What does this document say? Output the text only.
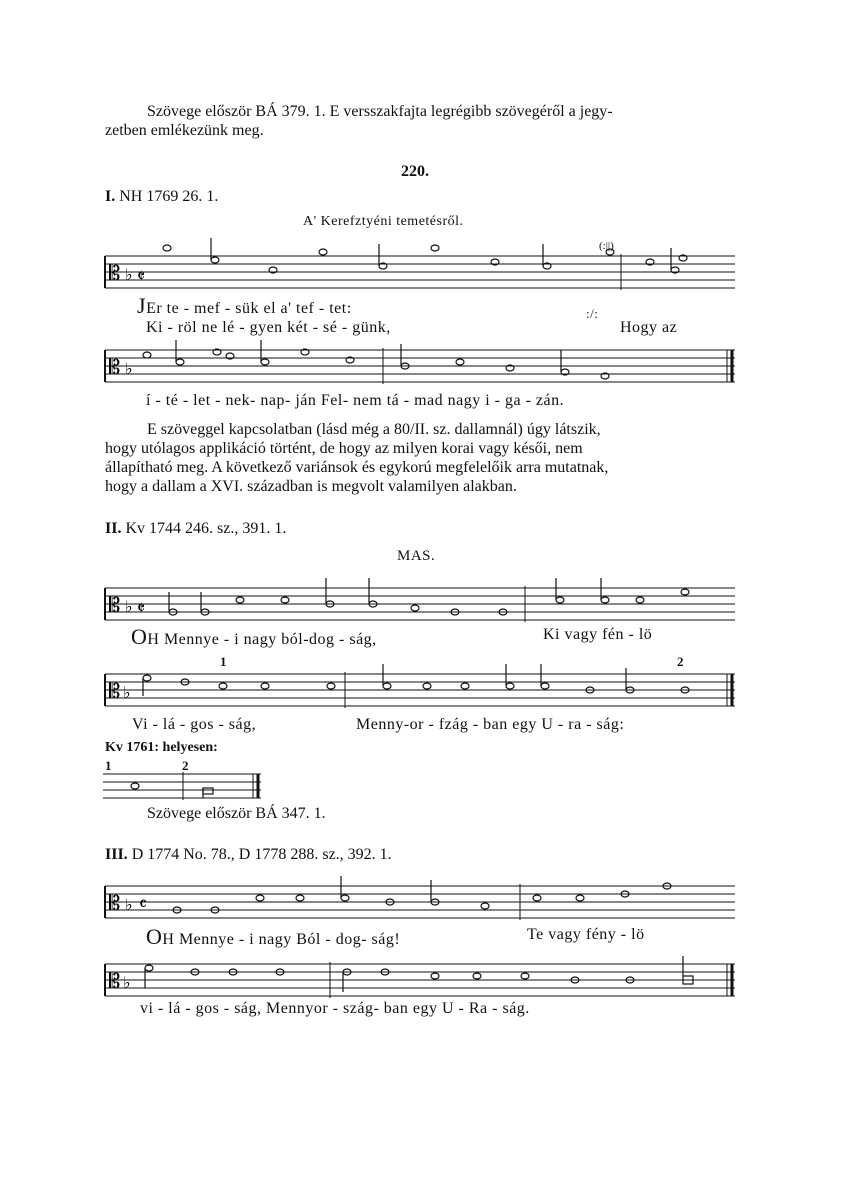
Szövege először BÁ 379. 1. E versszakfajta legrégibb szövegéről a jegy-
zetben emlékezünk meg.
220.
I. NH 1769 26. 1.
A' Kerefztyéni temetésről.
(:||)
𝄡 ♭ 𝄵
JEr te - mef - sük el a' tef - tet:	:/:
Ki - röl ne lé - gyen két - sé - günk,	Hogy az
𝄡 ♭
í - té - let - nek- nap- ján Fel- nem tá - mad nagy i - ga - zán.
E szöveggel kapcsolatban (lásd még a 80/II. sz. dallamnál) úgy látszik,
hogy utólagos applikáció történt, de hogy az milyen korai vagy késői, nem
állapítható meg. A következő variánsok és egykorú megfelelőik arra mutatnak,
hogy a dallam a XVI. században is megvolt valamilyen alakban.
II. Kv 1744 246. sz., 391. 1.
MAS.
𝄡 ♭ 𝄵
OH Mennye - i nagy ból-dog - ság,	Ki vagy fén - lö
1	2
𝄡 ♭
Vi - lá - gos - ság,	Menny-or - fzág - ban egy U - ra - ság:
Kv 1761: helyesen:
1	2
Szövege először BÁ 347. 1.
III. D 1774 No. 78., D 1778 288. sz., 392. 1.
𝄡 ♭ 𝄴
OH Mennye - i nagy Ból - dog- ság!	Te vagy fény - lö
𝄡 ♭
vi - lá - gos - ság, Mennyor - szág- ban egy U - Ra - ság.
